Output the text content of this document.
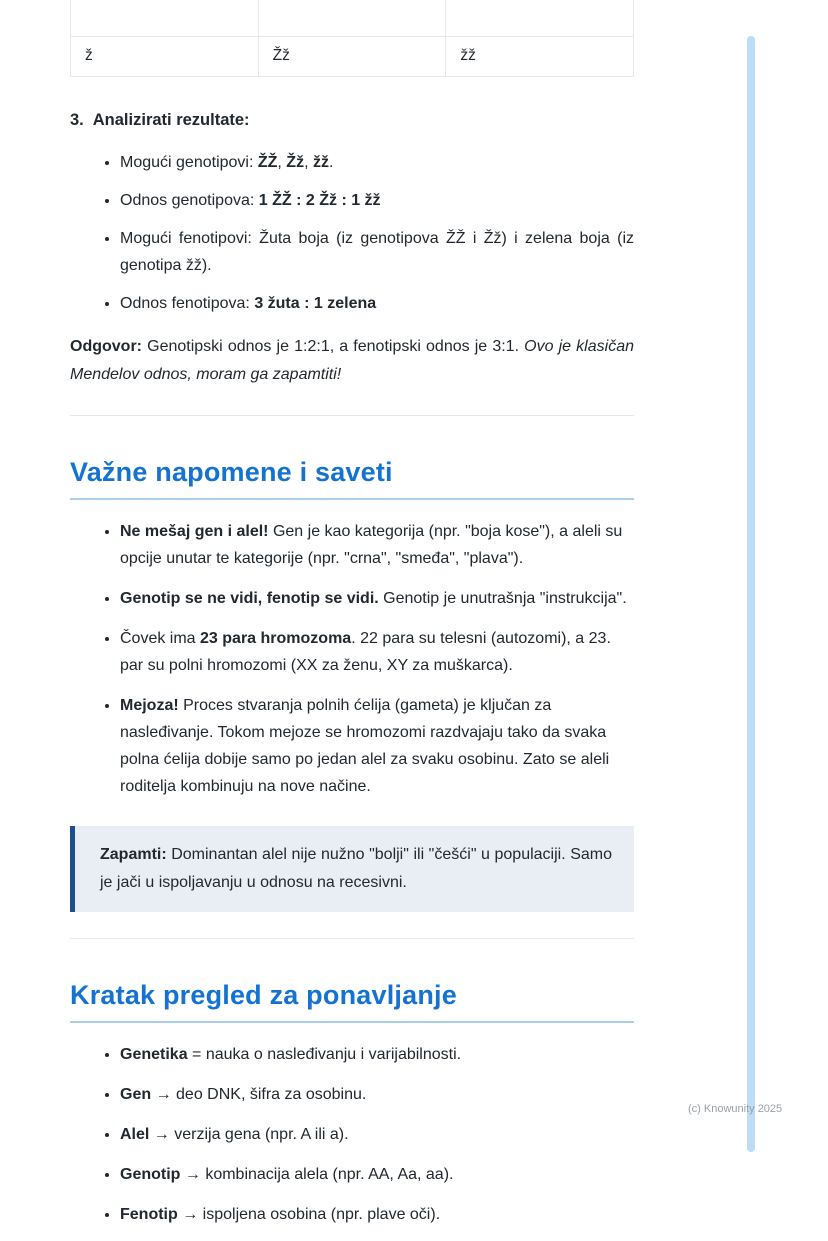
ž	Žž	žž
3. Analizirati rezultate:
• Mogući genotipovi: ŽŽ, Žž, žž.
• Odnos genotipova: 1 ŽŽ : 2 Žž : 1 žž
• Mogući fenotipovi: Žuta boja (iz genotipova ŽŽ i Žž) i zelena boja (iz genotipa žž).
• Odnos fenotipova: 3 žuta : 1 zelena

Odgovor: Genotipski odnos je 1:2:1, a fenotipski odnos je 3:1. Ovo je klasičan Mendelov odnos, moram ga zapamtiti!

Važne napomene i saveti
• Ne mešaj gen i alel! Gen je kao kategorija (npr. "boja kose"), a aleli su opcije unutar te kategorije (npr. "crna", "smeđa", "plava").
• Genotip se ne vidi, fenotip se vidi. Genotip je unutrašnja "instrukcija".
• Čovek ima 23 para hromozoma. 22 para su telesni (autozomi), a 23. par su polni hromozomi (XX za ženu, XY za muškarca).
• Mejoza! Proces stvaranja polnih ćelija (gameta) je ključan za nasleđivanje. Tokom mejoze se hromozomi razdvajaju tako da svaka polna ćelija dobije samo po jedan alel za svaku osobinu. Zato se aleli roditelja kombinuju na nove načine.
Zapamti: Dominantan alel nije nužno "bolji" ili "češći" u populaciji. Samo je jači u ispoljavanju u odnosu na recesivni.
Kratak pregled za ponavljanje
• Genetika = nauka o nasleđivanju i varijabilnosti.
• Gen → deo DNK, šifra za osobinu.
• Alel → verzija gena (npr. A ili a).
• Genotip → kombinacija alela (npr. AA, Aa, aa).
• Fenotip → ispoljena osobina (npr. plave oči).
(c) Knowunity 2025
